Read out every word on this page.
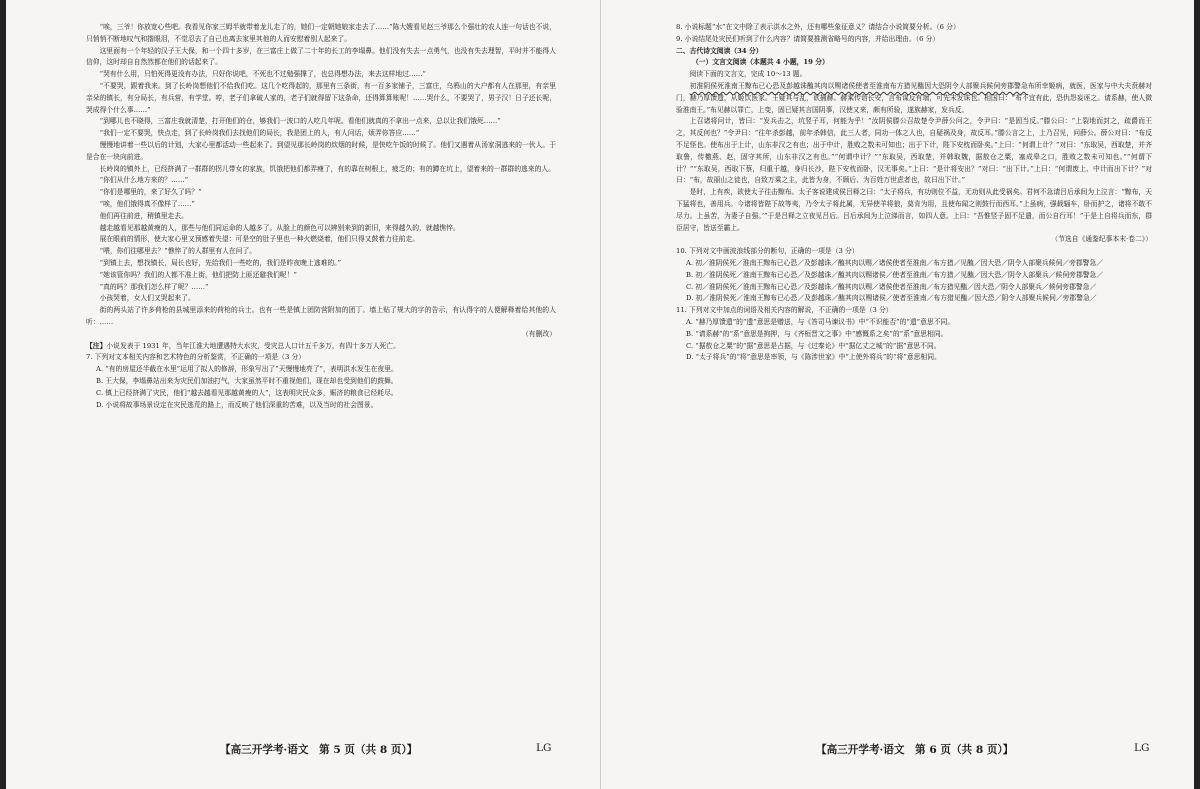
“唉，三爷！你放宽心些吧。我看见你家三姆半就带着龙儿走了的，她们一定朝她娘家走去了……”陈大嫂看见赵三爷那么个强壮的农人连一句话也不说，只悄悄不断地叹气和揩眼泪，不觉忍去了自己也离去家里其他的人而安慰着别人起来了。

这里面有一个年轻的汉子王大保，和一个四十多岁，在三富庄上做了二十年的长工的李塌鼻。他们没有失去一点勇气，也没有失去理智，平时并不能得人信仰，这时却自自然然都在他们的话起来了。

“哭有什么用，只怕死得更没有办法，只好你说吧，不死也不过勉强撑了，也总得想办法，来去这样地过……”

“不要哭，跟着我来。到了长岭岗想他们不给我们吃。这几个吃得起的，那里有三条街，有一百多家铺子，三富庄，乌鸦山的大户都有人在那里，有亲里亲朵的镇长，有分局长，有兵营，有学堂。哼，老子们拿破人家的，老子们就得留下这条命，还得算算账呢！……哭什么，不要哭了，男子汉！日子还长呢，哭成得个什么事……”

“到哪儿也不晓得，三富庄我就清楚，打开他们的仓，够我们一波口的人吃几年呢。看他们就真的不拿出一点来，总以让我们饿死……”

“我们一定不要哭，快点走，到了长岭岗我们去找他们的局长，我是团上的人，有人问话，烦弄你答应……”

慢慢地讲着一些以后的计划，大家心里都活动一些起来了。到望见那长岭岗的炊烟的时候，是快吃午饭的时候了。他们又遇着从汤家洞逃来的一伙人。于是合在一块向前进。

长岭岗的镇外上，已经挤满了一群群的拐儿带女的家族，饥饿把他们都弄瘦了，有的靠在树根上，疲乏的；有的蹲在坑上，望着来的一群群的逃来的人。

“你们从什么地方来的？……”

“你们是哪里的，来了好久了吗？”

“唉，他们饿得真不像样了……”

他们再往前进，稍镇里走去。

越走越看见那越黄瘦的人，那些与他们同运命的人越多了。从脸上的颜色可以辨别来到的新旧，来得越久的，就越憔悴。

展在眼前的情形，使大家心里又预感着失望：可是空的肚子里也一种火燃烧着，他们只得又鼓着力往前走。

“喂，你们往哪里去？”憔悴了的人群里有人在问了。

“到镇上去，想找镇长，局长也好，先给我们一些吃的，我们是昨夜晚上逃难的。”

“她该管你吗？我们的人都不准上街，他们把防上匪还避我们呢！”

“真的吗？那我们怎么样了呢？……”

小孩哭着，女人们又哭起来了。

街的两头站了许多荷枪的县城里添来的荷枪的兵士。也有一些是镇上团防营附加的团丁。墙上贴了规大的字的告示，有认得字的人便解释着给其他的人听：……

（有删改）

【注】小说发表于 1931 年，当年江淮大地遭遇特大水灾，受灾总人口计五千多万，有四十多万人死亡。

7. 下列对文本相关内容和艺术特色的分析鉴赏，不正确的一项是（3 分）

A. “有的房屋还半截在水里”运用了拟人的修辞，形象写出了“天慢慢地亮了”，表明洪水发生在夜里。

B. 王大保，李塌鼻站出来为灾民们加油打气，大家虽然平时不重视他们，现在却也受到他们的鼓舞。

C. 镇上已经挤满了灾民，他们“越去越看见那越黄瘦的人”，这表明灾民众多，赈济的粮食已经耗尽。

D. 小说将故事场景设定在灾民逃荒的路上，而反映了他们深重的苦难，以及当时的社会图景。

【高三开学考·语文　第 5 页（共 8 页）】	LG

8. 小说标题“水”在文中除了表示洪水之外，还有哪些象征意义？请结合小说简要分析。（6 分）

9. 小说结尾处灾民们听到了什么内容？请简要推测省略号的内容，并给出理由。（6 分）

二、古代诗文阅读（34 分）

（一）文言文阅读（本题共 4 小题，19 分）

阅读下面的文言文，完成 10～13 题。

初淮阴侯死淮南王黥布已心恐及彭越诛醢其肉以赐诸侯使者至淮南布方猎见醢因大恐阴令人部聚兵候伺旁郡警急布所幸姬病，就医，医家与中大夫贲赫对门，赫乃厚馈遗，从姬饮医家。王疑其与乱，欲捕赫。赫乘传诣长安，言布谋反有端，可先未发诛也。相国曰：“布不宜有此，恐仇怨妄诬之。请系赫，使人微验淮南王。”布见赫以罪亡，上变，固已疑其言国阴事，汉使又来，颇有所验，遂族赫家，发兵反。

上召诸将问计，皆曰：“发兵击之，坑竖子耳，何能为乎！”汝阴侯滕公召故楚令尹薛公问之，令尹曰：“是固当反。”滕公曰：“上裂地而封之，疏爵而王之，其反何也？”令尹曰：“往年杀彭越，前年杀韩信，此三人者，同功一体之人也，自疑祸及身，故反耳。”滕公言之上，上乃召见，问薛公。薛公对曰：“布反不足怪也。使布出于上计，山东非汉之有也；出于中计，胜败之数未可知也；出于下计，陛下安枕而卧矣。”上曰：“何谓上计？”对曰：“东取吴，西取楚，并齐取鲁，传檄燕、赵，固守其所，山东非汉之有也。”“何谓中计？”“东取吴，西取楚，并韩取魏，据敖仓之粟，塞成皋之口，胜败之数未可知也。”“何谓下计？”“东取吴，西取下蔡，归重于越，身归长沙，陛下安枕而卧，汉无事矣。”上曰：“是计将安出？”对曰：“出下计。”上曰：“何谓废上、中计而出下计？”对曰：“布，故丽山之徒也，自致万乘之主，此皆为身，不顾后、为百姓万世虑者也，故曰出下计。”

是时，上有疾，欲使太子往击黥布。太子客说建成侯吕释之曰：“太子将兵，有功则位不益，无功则从此受祸矣。君何不急请吕后承间为上泣言：“黥布，天下猛将也，善用兵。今诸将皆陛下故等夷，乃令太子将此属，无异使羊将狼，莫肯为用，且使布闻之则鼓行而西耳。”上虽病，强载辎车，卧而护之，诸将不敢不尽力。上虽苦，为妻子自强。’”于是吕释之立夜见吕后。吕后承间为上泣涕而言，如四人意。上曰：“吾惟竖子固不足遣，而公自行耳！”于是上自将兵而东，群臣居守，皆送至霸上。

（节选自《通鉴纪事本末·卷二》）

10. 下列对文中画波浪线部分的断句，正确的一项是（3 分）

A. 初／淮阴侯死／淮南王黥布已心恐／及彭越诛／醢其肉以赐／诸侯使者至淮南／布方猎／见醢／因大恐／阴令人部聚兵候伺／旁郡警急／

B. 初／淮阴侯死／淮南王黥布已心恐／及彭越诛／醢其肉以赐诸侯／使者至淮南／布方猎／见醢／因大恐／阴令人部聚兵／候伺旁郡警急／

C. 初／淮阴侯死／淮南王黥布已心恐／及彭越诛／醢其肉以赐／诸侯使者至淮南／布方猎见醢／因大恐／阴令人部聚兵／候伺旁郡警急／

D. 初／淮阴侯死／淮南王黥布已心恐／及彭越诛／醢其肉以赐诸侯／使者至淮南／布方猎见醢／因大恐／阴令人部聚兵候伺／旁郡警急／

11. 下列对文中加点的词语及相关内容的解说，不正确的一项是（3 分）

A. “赫乃厚馈遗”的“遗”意思是赠送，与《答司马谏议书》中“不识能否”的“遗”意思不同。

B. “请系赫”的“系”意思是拘押，与《齐桓晋文之事》中“感慨系之矣”的“系”意思相同。

C. “据敖仓之粟”的“据”意思是占据，与《过秦论》中“据亿丈之城”的“据”意思不同。

D. “太子将兵”的“将”意思是率领，与《陈涉世家》中“上使外将兵”的“将”意思相同。

【高三开学考·语文　第 6 页（共 8 页）】	LG
